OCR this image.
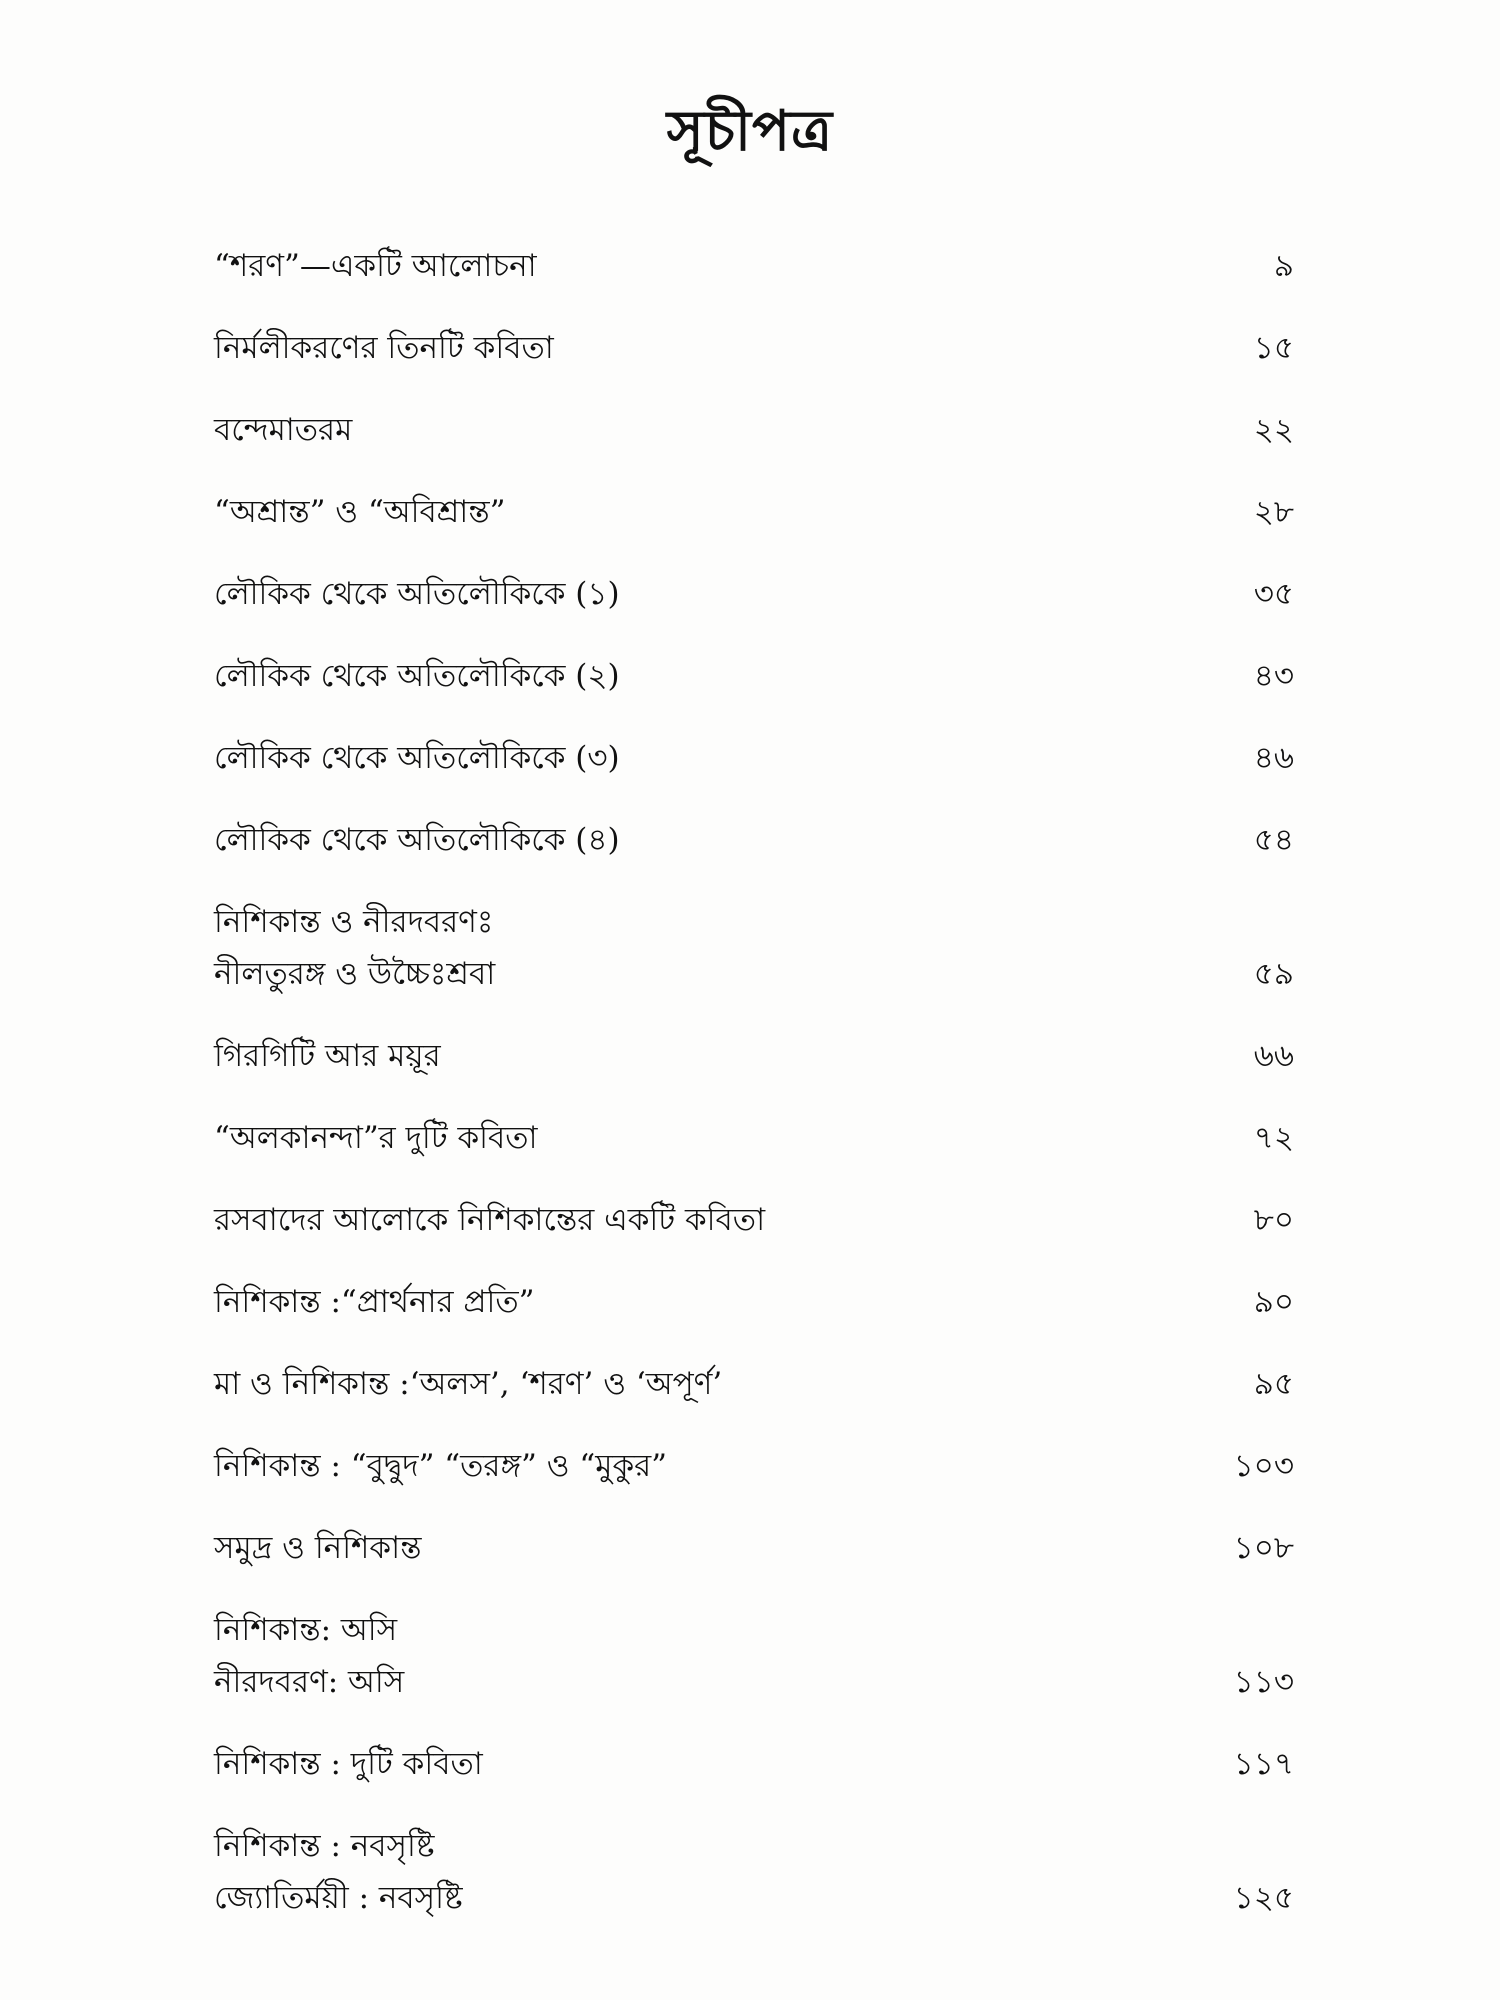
সূচীপত্র
“শরণ”—একটি আলোচনা	৯
নির্মলীকরণের তিনটি কবিতা	১৫
বন্দেমাতরম	২২
“অশ্রান্ত” ও “অবিশ্রান্ত”	২৮
লৌকিক থেকে অতিলৌকিকে (১)	৩৫
লৌকিক থেকে অতিলৌকিকে (২)	৪৩
লৌকিক থেকে অতিলৌকিকে (৩)	৪৬
লৌকিক থেকে অতিলৌকিকে (৪)	৫৪
নিশিকান্ত ও নীরদবরণঃ
নীলতুরঙ্গ ও উচ্চৈঃশ্রবা	৫৯
গিরগিটি আর ময়ূর	৬৬
“অলকানন্দা”র দুটি কবিতা	৭২
রসবাদের আলোকে নিশিকান্তের একটি কবিতা	৮০
নিশিকান্ত :“প্রার্থনার প্রতি”	৯০
মা ও নিশিকান্ত :‘অলস’, ‘শরণ’ ও ‘অপূর্ণ’	৯৫
নিশিকান্ত : “বুদ্বুদ” “তরঙ্গ” ও “মুকুর”	১০৩
সমুদ্র ও নিশিকান্ত	১০৮
নিশিকান্ত: অসি
নীরদবরণ: অসি	১১৩
নিশিকান্ত : দুটি কবিতা	১১৭
নিশিকান্ত : নবসৃষ্টি
জ্যোতির্ময়ী : নবসৃষ্টি	১২৫
